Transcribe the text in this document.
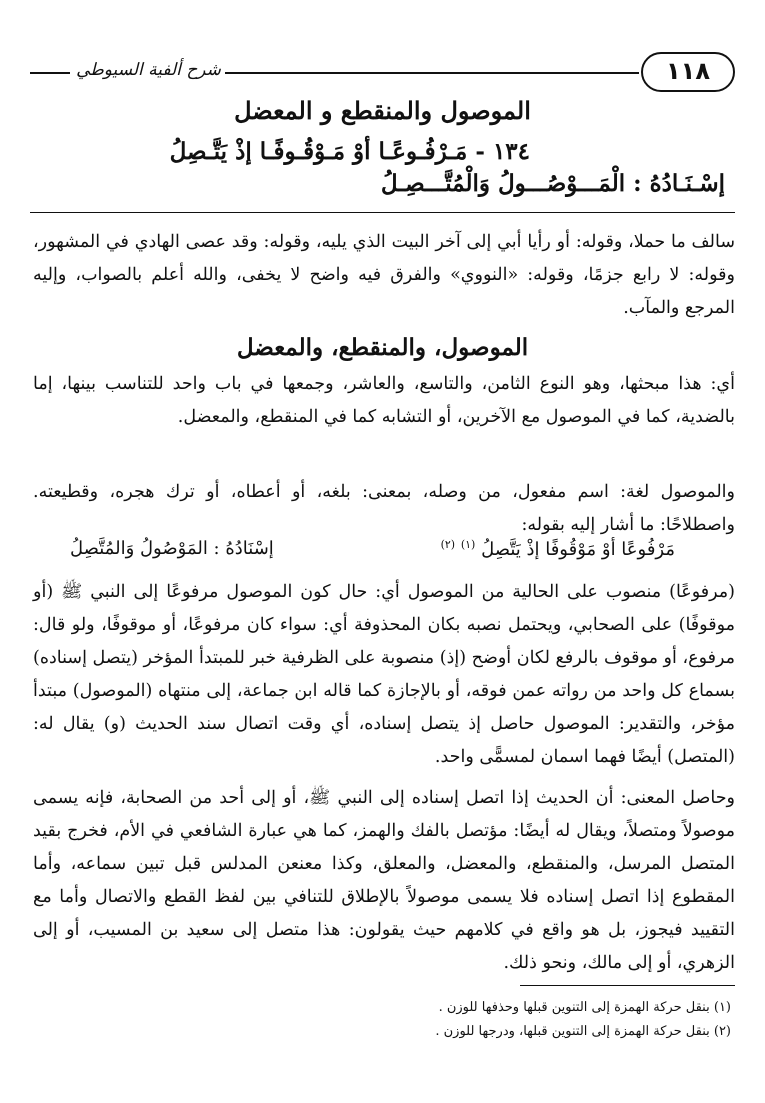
١١٨
شرح ألفية السيوطي
الموصول والمنقطع و المعضل
١٣٤ - مَـرْفُـوعًـا أوْ مَـوْقُـوفًـا إذْ يَتَّـصِلُ
إسْـنَـادُهُ : الْمَـــوْصُـــولُ وَالْمُتَّـــصِـلُ
سالف ما حملا، وقوله: أو رأيا أبي إلى آخر البيت الذي يليه، وقوله: وقد عصى الهادي في المشهور، وقوله: لا رابع جزمًا، وقوله: «النووي» والفرق فيه واضح لا يخفى، والله أعلم بالصواب، وإليه المرجع والمآب.
الموصول، والمنقطع، والمعضل
أي: هذا مبحثها، وهو النوع الثامن، والتاسع، والعاشر، وجمعها في باب واحد للتناسب بينها، إما بالضدية، كما في الموصول مع الآخرين، أو التشابه كما في المنقطع، والمعضل.
والموصول لغة: اسم مفعول، من وصله، بمعنى: بلغه، أو أعطاه، أو ترك هجره، وقطيعته. واصطلاحًا: ما أشار إليه بقوله:
مَرْفُوعًا أوْ مَوْقُوفًا إذْ يَتَّصِلُ $^{(١)}$ $^{(٢)}$
إسْنَادُهُ : المَوْصُولُ وَالمُتَّصِلُ
(مرفوعًا) منصوب على الحالية من الموصول أي: حال كون الموصول مرفوعًا إلى النبي ﷺ (أو موقوفًا) على الصحابي، ويحتمل نصبه بكان المحذوفة أي: سواء كان مرفوعًا، أو موقوفًا، ولو قال: مرفوع، أو موقوف بالرفع لكان أوضح (إذ) منصوبة على الظرفية خبر للمبتدأ المؤخر (يتصل إسناده) بسماع كل واحد من رواته عمن فوقه، أو بالإجازة كما قاله ابن جماعة، إلى منتهاه (الموصول) مبتدأ مؤخر، والتقدير: الموصول حاصل إذ يتصل إسناده، أي وقت اتصال سند الحديث (و) يقال له: (المتصل) أيضًا فهما اسمان لمسمًّى واحد.
وحاصل المعنى: أن الحديث إذا اتصل إسناده إلى النبي ﷺ، أو إلى أحد من الصحابة، فإنه يسمى موصولاً ومتصلاً، ويقال له أيضًا: مؤتصل بالفك والهمز، كما هي عبارة الشافعي في الأم، فخرج بقيد المتصل المرسل، والمنقطع، والمعضل، والمعلق، وكذا معنعن المدلس قبل تبين سماعه، وأما المقطوع إذا اتصل إسناده فلا يسمى موصولاً بالإطلاق للتنافي بين لفظ القطع والاتصال وأما مع التقييد فيجوز، بل هو واقع في كلامهم حيث يقولون: هذا متصل إلى سعيد بن المسيب، أو إلى الزهري، أو إلى مالك، ونحو ذلك.
(١) بنقل حركة الهمزة إلى التنوين قبلها وحذفها للوزن .
(٢) بنقل حركة الهمزة إلى التنوين قبلها، ودرجها للوزن .
